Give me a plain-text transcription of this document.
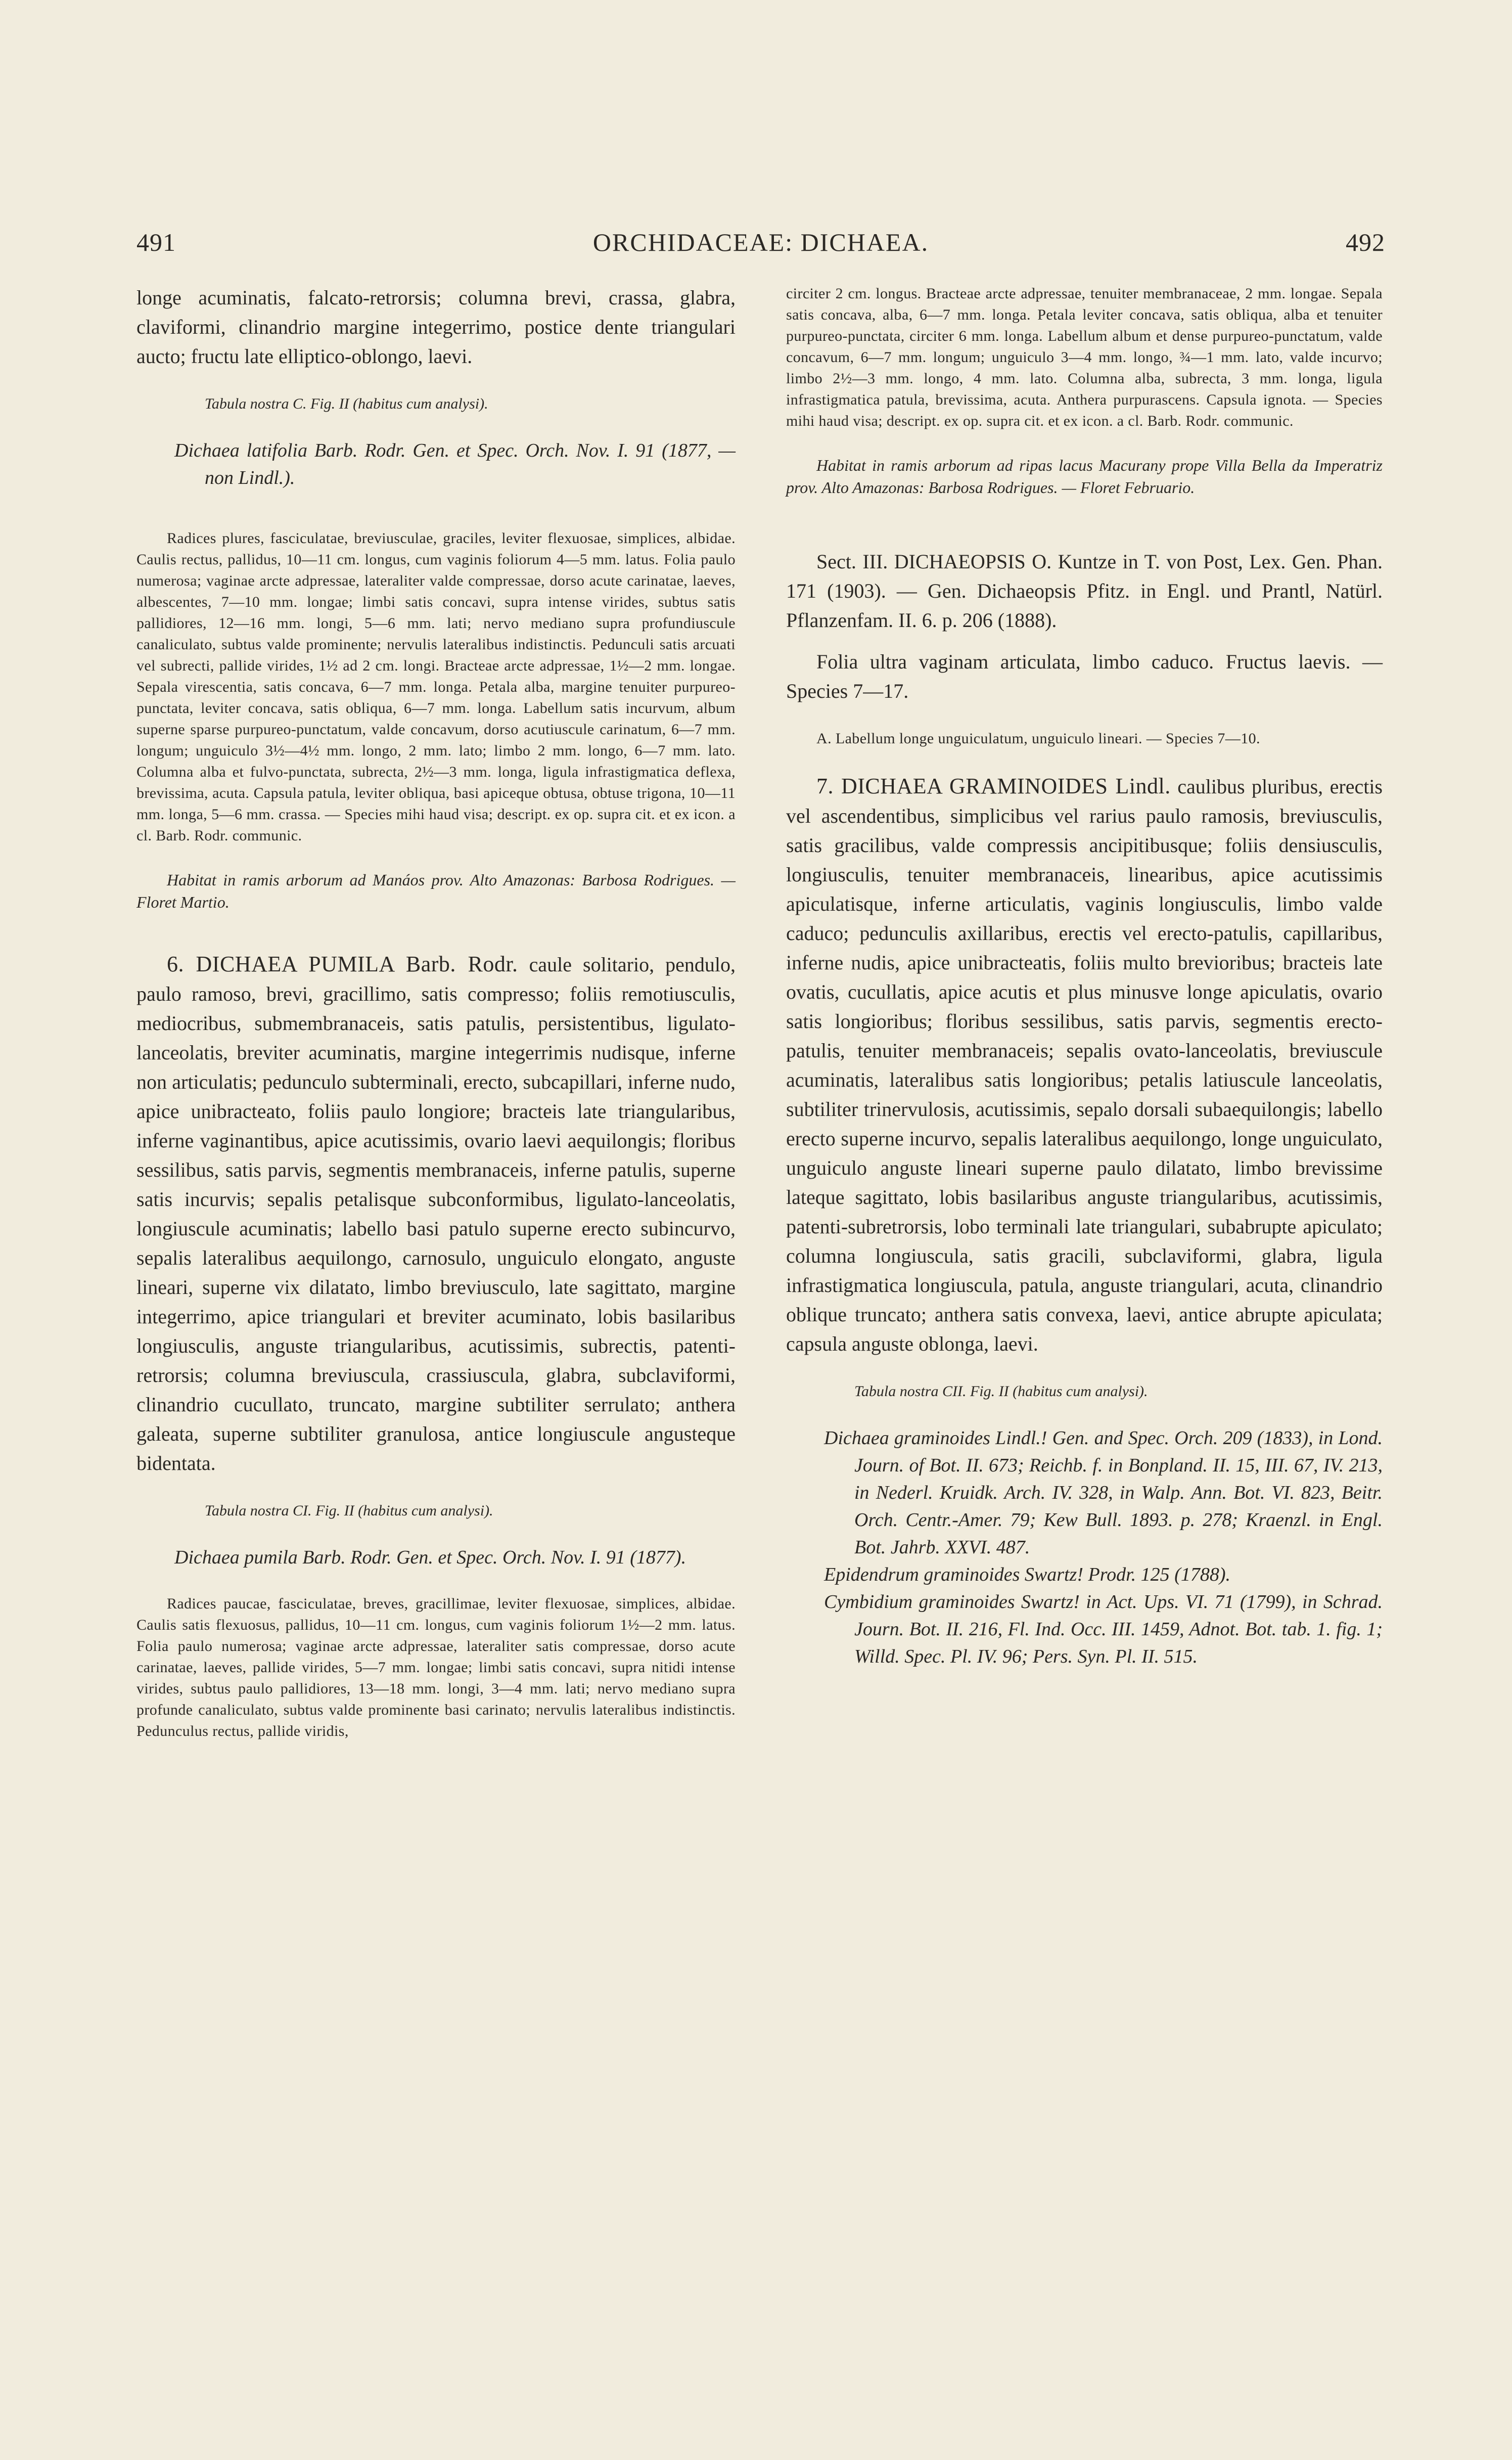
491	ORCHIDACEAE: DICHAEA.	492

longe acuminatis, falcato-retrorsis; columna brevi, crassa, glabra, claviformi, clinandrio margine integerrimo, postice dente triangulari aucto; fructu late elliptico-oblongo, laevi.

Tabula nostra C. Fig. II (habitus cum analysi).

Dichaea latifolia Barb. Rodr. Gen. et Spec. Orch. Nov. I. 91 (1877, — non Lindl.).

Radices plures, fasciculatae, breviusculae, graciles, leviter flexuosae, simplices, albidae. Caulis rectus, pallidus, 10—11 cm. longus, cum vaginis foliorum 4—5 mm. latus. Folia paulo numerosa; vaginae arcte adpressae, lateraliter valde compressae, dorso acute carinatae, laeves, albescentes, 7—10 mm. longae; limbi satis concavi, supra intense virides, subtus satis pallidiores, 12—16 mm. longi, 5—6 mm. lati; nervo mediano supra profundiuscule canaliculato, subtus valde prominente; nervulis lateralibus indistinctis. Pedunculi satis arcuati vel subrecti, pallide virides, 1½ ad 2 cm. longi. Bracteae arcte adpressae, 1½—2 mm. longae. Sepala virescentia, satis concava, 6—7 mm. longa. Petala alba, margine tenuiter purpureo-punctata, leviter concava, satis obliqua, 6—7 mm. longa. Labellum satis incurvum, album superne sparse purpureo-punctatum, valde concavum, dorso acutiuscule carinatum, 6—7 mm. longum; unguiculo 3½—4½ mm. longo, 2 mm. lato; limbo 2 mm. longo, 6—7 mm. lato. Columna alba et fulvo-punctata, subrecta, 2½—3 mm. longa, ligula infrastigmatica deflexa, brevissima, acuta. Capsula patula, leviter obliqua, basi apiceque obtusa, obtuse trigona, 10—11 mm. longa, 5—6 mm. crassa. — Species mihi haud visa; descript. ex op. supra cit. et ex icon. a cl. Barb. Rodr. communic.

Habitat in ramis arborum ad Manáos prov. Alto Amazonas: Barbosa Rodrigues. — Floret Martio.

6. DICHAEA PUMILA Barb. Rodr. caule solitario, pendulo, paulo ramoso, brevi, gracillimo, satis compresso; foliis remotiusculis, mediocribus, submembranaceis, satis patulis, persistentibus, ligulato-lanceolatis, breviter acuminatis, margine integerrimis nudisque, inferne non articulatis; pedunculo subterminali, erecto, subcapillari, inferne nudo, apice unibracteato, foliis paulo longiore; bracteis late triangularibus, inferne vaginantibus, apice acutissimis, ovario laevi aequilongis; floribus sessilibus, satis parvis, segmentis membranaceis, inferne patulis, superne satis incurvis; sepalis petalisque subconformibus, ligulato-lanceolatis, longiuscule acuminatis; labello basi patulo superne erecto subincurvo, sepalis lateralibus aequilongo, carnosulo, unguiculo elongato, anguste lineari, superne vix dilatato, limbo breviusculo, late sagittato, margine integerrimo, apice triangulari et breviter acuminato, lobis basilaribus longiusculis, anguste triangularibus, acutissimis, subrectis, patenti-retrorsis; columna breviuscula, crassiuscula, glabra, subclaviformi, clinandrio cucullato, truncato, margine subtiliter serrulato; anthera galeata, superne subtiliter granulosa, antice longiuscule angusteque bidentata.

Tabula nostra CI. Fig. II (habitus cum analysi).

Dichaea pumila Barb. Rodr. Gen. et Spec. Orch. Nov. I. 91 (1877).

Radices paucae, fasciculatae, breves, gracillimae, leviter flexuosae, simplices, albidae. Caulis satis flexuosus, pallidus, 10—11 cm. longus, cum vaginis foliorum 1½—2 mm. latus. Folia paulo numerosa; vaginae arcte adpressae, lateraliter satis compressae, dorso acute carinatae, laeves, pallide virides, 5—7 mm. longae; limbi satis concavi, supra nitidi intense virides, subtus paulo pallidiores, 13—18 mm. longi, 3—4 mm. lati; nervo mediano supra profunde canaliculato, subtus valde prominente basi carinato; nervulis lateralibus indistinctis. Pedunculus rectus, pallide viridis,

circiter 2 cm. longus. Bracteae arcte adpressae, tenuiter membranaceae, 2 mm. longae. Sepala satis concava, alba, 6—7 mm. longa. Petala leviter concava, satis obliqua, alba et tenuiter purpureo-punctata, circiter 6 mm. longa. Labellum album et dense purpureo-punctatum, valde concavum, 6—7 mm. longum; unguiculo 3—4 mm. longo, ¾—1 mm. lato, valde incurvo; limbo 2½—3 mm. longo, 4 mm. lato. Columna alba, subrecta, 3 mm. longa, ligula infrastigmatica patula, brevissima, acuta. Anthera purpurascens. Capsula ignota. — Species mihi haud visa; descript. ex op. supra cit. et ex icon. a cl. Barb. Rodr. communic.

Habitat in ramis arborum ad ripas lacus Macurany prope Villa Bella da Imperatriz prov. Alto Amazonas: Barbosa Rodrigues. — Floret Februario.

Sect. III. DICHAEOPSIS O. Kuntze in T. von Post, Lex. Gen. Phan. 171 (1903). — Gen. Dichaeopsis Pfitz. in Engl. und Prantl, Natürl. Pflanzenfam. II. 6. p. 206 (1888).

Folia ultra vaginam articulata, limbo caduco. Fructus laevis. — Species 7—17.

A. Labellum longe unguiculatum, unguiculo lineari. — Species 7—10.

7. DICHAEA GRAMINOIDES Lindl. caulibus pluribus, erectis vel ascendentibus, simplicibus vel rarius paulo ramosis, breviusculis, satis gracilibus, valde compressis ancipitibusque; foliis densiusculis, longiusculis, tenuiter membranaceis, linearibus, apice acutissimis apiculatisque, inferne articulatis, vaginis longiusculis, limbo valde caduco; pedunculis axillaribus, erectis vel erecto-patulis, capillaribus, inferne nudis, apice unibracteatis, foliis multo brevioribus; bracteis late ovatis, cucullatis, apice acutis et plus minusve longe apiculatis, ovario satis longioribus; floribus sessilibus, satis parvis, segmentis erecto-patulis, tenuiter membranaceis; sepalis ovato-lanceolatis, breviuscule acuminatis, lateralibus satis longioribus; petalis latiuscule lanceolatis, subtiliter trinervulosis, acutissimis, sepalo dorsali subaequilongis; labello erecto superne incurvo, sepalis lateralibus aequilongo, longe unguiculato, unguiculo anguste lineari superne paulo dilatato, limbo brevissime lateque sagittato, lobis basilaribus anguste triangularibus, acutissimis, patenti-subretrorsis, lobo terminali late triangulari, subabrupte apiculato; columna longiuscula, satis gracili, subclaviformi, glabra, ligula infrastigmatica longiuscula, patula, anguste triangulari, acuta, clinandrio oblique truncato; anthera satis convexa, laevi, antice abrupte apiculata; capsula anguste oblonga, laevi.

Tabula nostra CII. Fig. II (habitus cum analysi).

Dichaea graminoides Lindl.! Gen. and Spec. Orch. 209 (1833), in Lond. Journ. of Bot. II. 673; Reichb. f. in Bonpland. II. 15, III. 67, IV. 213, in Nederl. Kruidk. Arch. IV. 328, in Walp. Ann. Bot. VI. 823, Beitr. Orch. Centr.-Amer. 79; Kew Bull. 1893. p. 278; Kraenzl. in Engl. Bot. Jahrb. XXVI. 487.

Epidendrum graminoides Swartz! Prodr. 125 (1788).

Cymbidium graminoides Swartz! in Act. Ups. VI. 71 (1799), in Schrad. Journ. Bot. II. 216, Fl. Ind. Occ. III. 1459, Adnot. Bot. tab. 1. fig. 1; Willd. Spec. Pl. IV. 96; Pers. Syn. Pl. II. 515.
